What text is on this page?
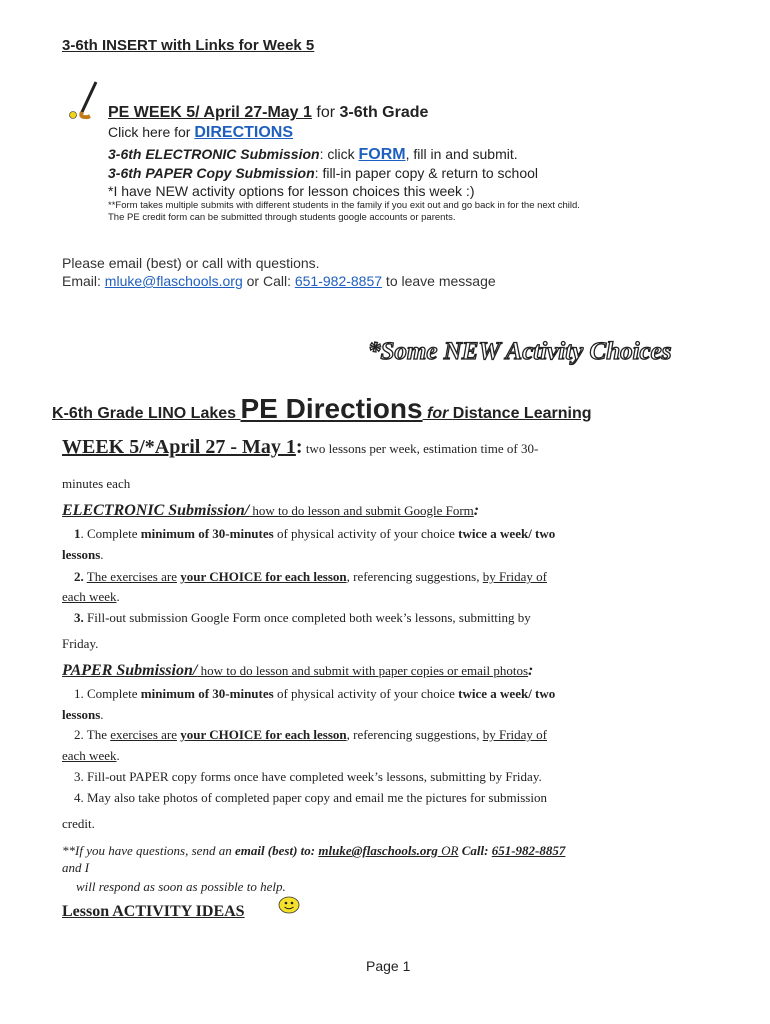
3-6th INSERT with Links for Week 5
PE WEEK 5/ April 27-May 1 for 3-6th Grade
Click here for DIRECTIONS
3-6th ELECTRONIC Submission: click FORM, fill in and submit.
3-6th PAPER Copy Submission: fill-in paper copy & return to school
*I have NEW activity options for lesson choices this week :)
**Form takes multiple submits with different students in the family if you exit out and go back in for the next child.
The PE credit form can be submitted through students google accounts or parents.
Please email (best) or call with questions.
Email: mluke@flaschools.org or Call: 651-982-8857 to leave message
*Some NEW Activity Choices
K-6th Grade LINO Lakes PE Directions for Distance Learning
WEEK 5/*April 27 - May 1: two lessons per week, estimation time of 30-
minutes each
ELECTRONIC Submission/ how to do lesson and submit Google Form:
1. Complete minimum of 30-minutes of physical activity of your choice twice a week/ two
lessons.
2. The exercises are your CHOICE for each lesson, referencing suggestions, by Friday of
each week.
3. Fill-out submission Google Form once completed both week’s lessons, submitting by
Friday.
PAPER Submission/ how to do lesson and submit with paper copies or email photos:
1. Complete minimum of 30-minutes of physical activity of your choice twice a week/ two
lessons.
2. The exercises are your CHOICE for each lesson, referencing suggestions, by Friday of
each week.
3. Fill-out PAPER copy forms once have completed week’s lessons, submitting by Friday.
4. May also take photos of completed paper copy and email me the pictures for submission
credit.
**If you have questions, send an email (best) to: mluke@flaschools.org OR Call: 651-982-8857
and I
will respond as soon as possible to help.
Lesson ACTIVITY IDEAS
Page 1
